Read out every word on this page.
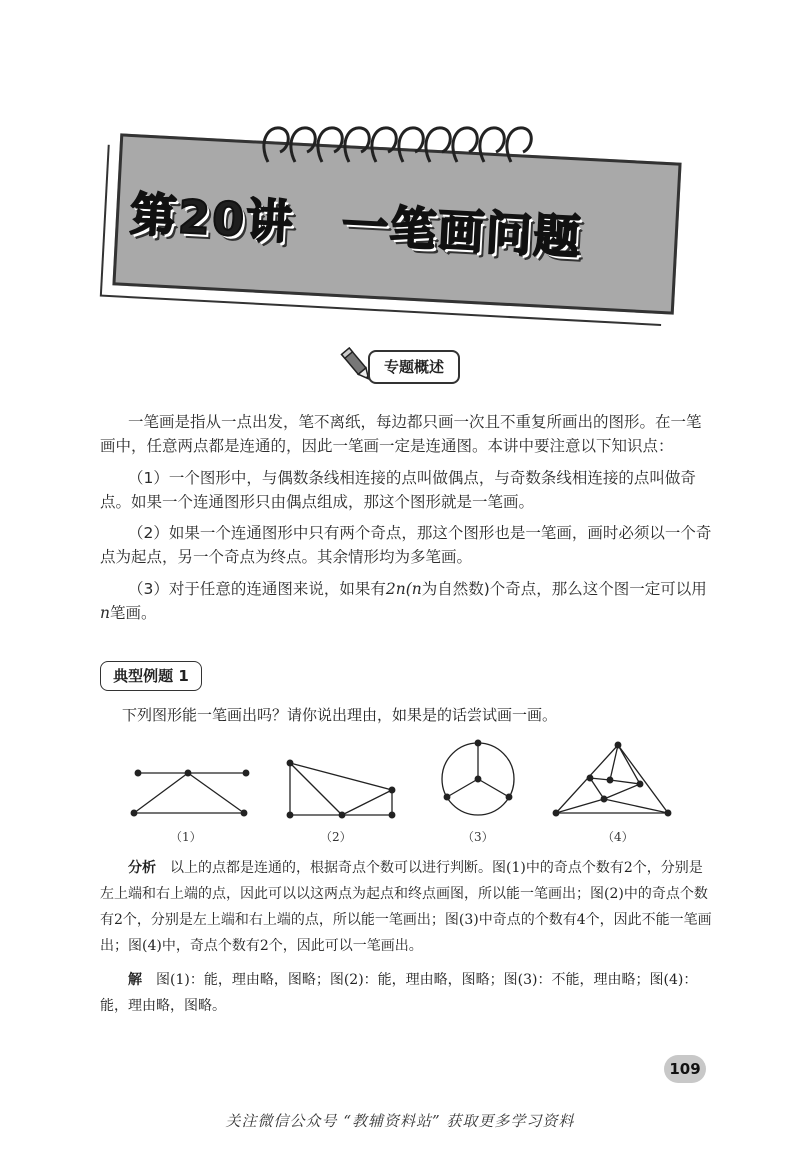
第20讲 一笔画问题
专题概述

一笔画是指从一点出发，笔不离纸，每边都只画一次且不重复所画出的图形。在一笔画中，任意两点都是连通的，因此一笔画一定是连通图。本讲中要注意以下知识点：

（1）一个图形中，与偶数条线相连接的点叫做偶点，与奇数条线相连接的点叫做奇点。如果一个连通图形只由偶点组成，那这个图形就是一笔画。

（2）如果一个连通图形中只有两个奇点，那这个图形也是一笔画，画时必须以一个奇点为起点，另一个奇点为终点。其余情形均为多笔画。

（3）对于任意的连通图来说，如果有2n(n为自然数)个奇点，那么这个图一定可以用n笔画。

典型例题 1
下列图形能一笔画出吗？请你说出理由，如果是的话尝试画一画。
（1）	（2）	（3）	（4）

分析　 以上的点都是连通的，根据奇点个数可以进行判断。图(1)中的奇点个数有2个，分别是左上端和右上端的点，因此可以以这两点为起点和终点画图，所以能一笔画出；图(2)中的奇点个数有2个，分别是左上端和右上端的点，所以能一笔画出；图(3)中奇点的个数有4个，因此不能一笔画出；图(4)中，奇点个数有2个，因此可以一笔画出。

解　 图(1)：能，理由略，图略；图(2)：能，理由略，图略；图(3)：不能，理由略；图(4)：能，理由略，图略。

109
关注微信公众号 “教辅资料站” 获取更多学习资料
